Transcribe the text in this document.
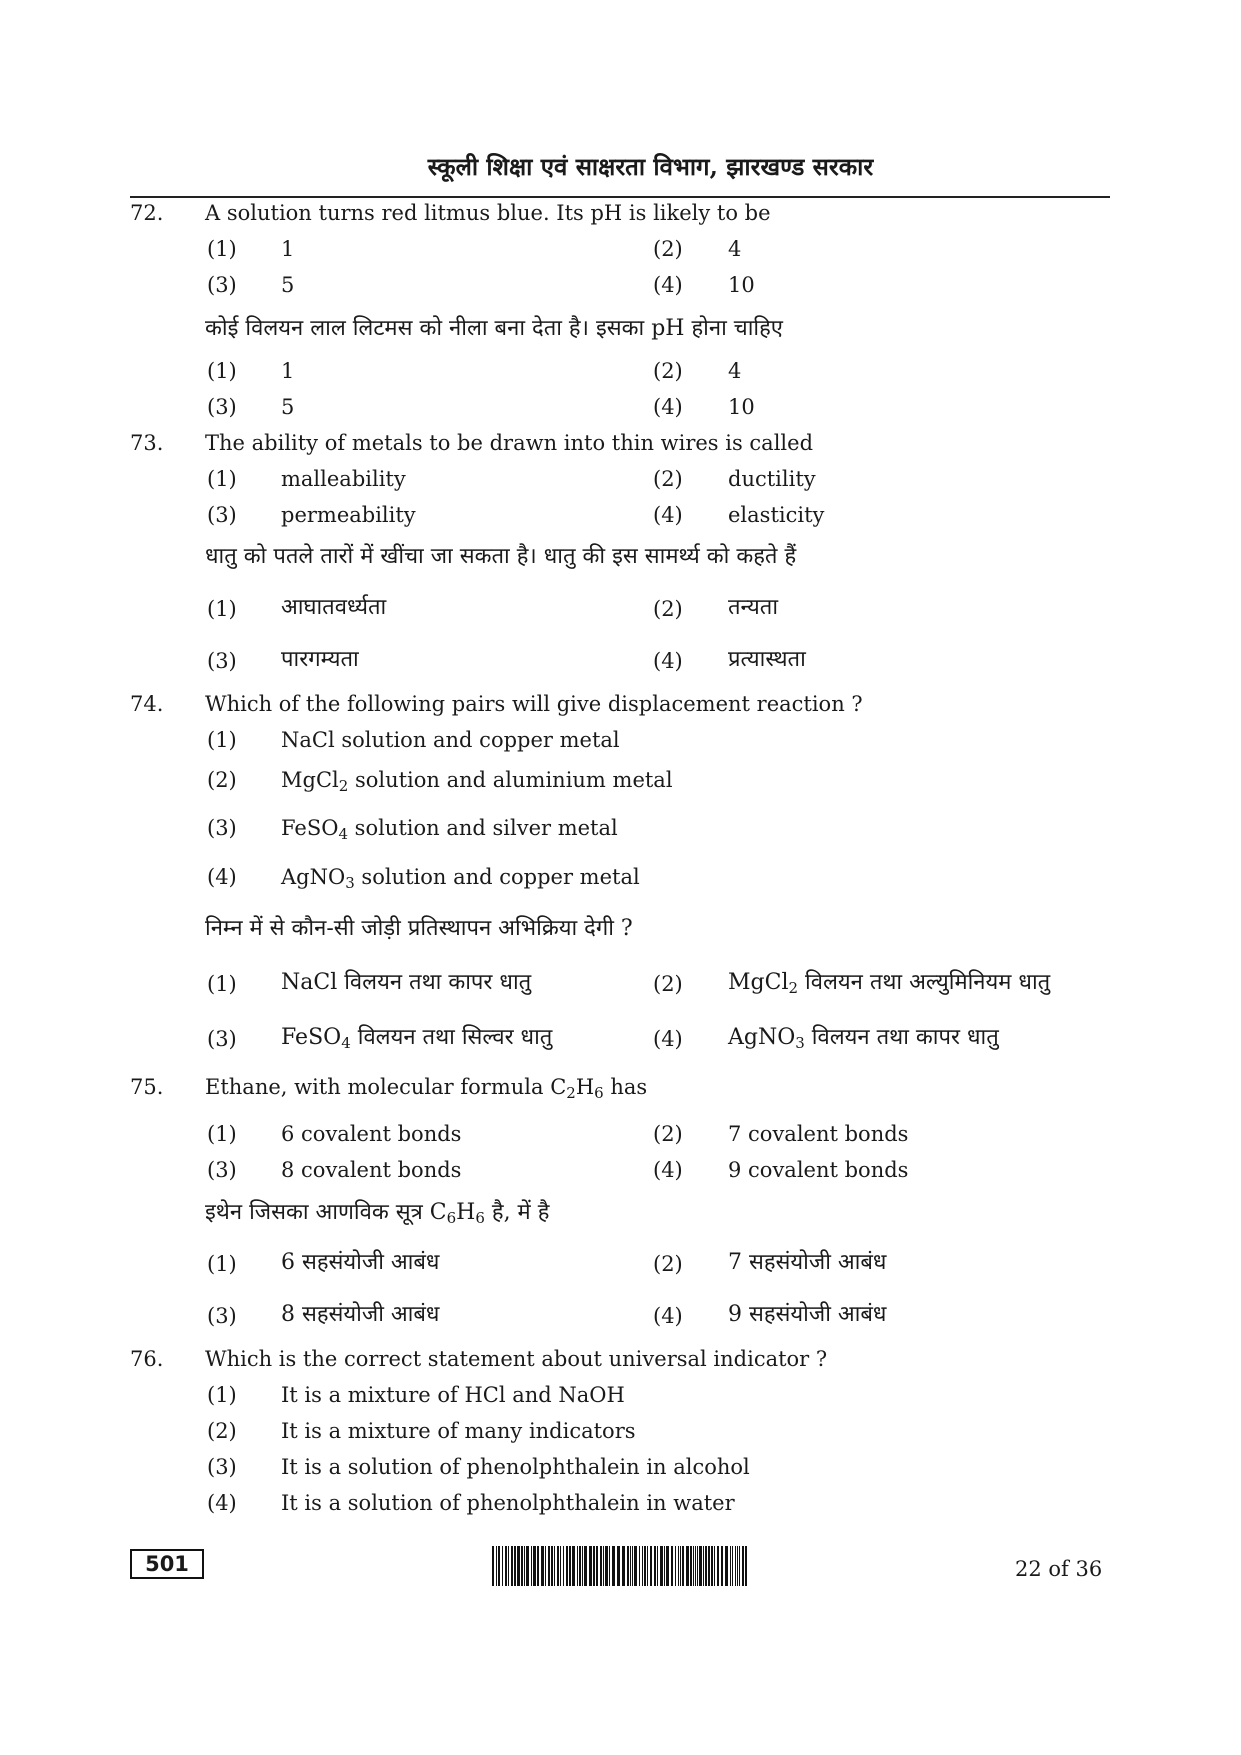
स्कूली शिक्षा एवं साक्षरता विभाग, झारखण्ड सरकार
72. A solution turns red litmus blue. Its pH is likely to be
(1) 1	(2) 4
(3) 5	(4) 10
कोई विलयन लाल लिटमस को नीला बना देता है। इसका pH होना चाहिए
(1) 1	(2) 4
(3) 5	(4) 10
73. The ability of metals to be drawn into thin wires is called
(1) malleability	(2) ductility
(3) permeability	(4) elasticity
धातु को पतले तारों में खींचा जा सकता है। धातु की इस सामर्थ्य को कहते हैं
(1) आघातवर्ध्यता	(2) तन्यता
(3) पारगम्यता	(4) प्रत्यास्थता
74. Which of the following pairs will give displacement reaction ?
(1) NaCl solution and copper metal
(2) MgCl$_2$ solution and aluminium metal
(3) FeSO$_4$ solution and silver metal
(4) AgNO$_3$ solution and copper metal
निम्न में से कौन-सी जोड़ी प्रतिस्थापन अभिक्रिया देगी ?
(1) NaCl विलयन तथा कापर धातु	(2) MgCl$_2$ विलयन तथा अल्युमिनियम धातु
(3) FeSO$_4$ विलयन तथा सिल्वर धातु	(4) AgNO$_3$ विलयन तथा कापर धातु
75. Ethane, with molecular formula $C_2H_6$ has
(1) 6 covalent bonds	(2) 7 covalent bonds
(3) 8 covalent bonds	(4) 9 covalent bonds
इथेन जिसका आणविक सूत्र $C_6H_6$ है, में है
(1) 6 सहसंयोजी आबंध	(2) 7 सहसंयोजी आबंध
(3) 8 सहसंयोजी आबंध	(4) 9 सहसंयोजी आबंध
76. Which is the correct statement about universal indicator ?
(1) It is a mixture of HCl and NaOH
(2) It is a mixture of many indicators
(3) It is a solution of phenolphthalein in alcohol
(4) It is a solution of phenolphthalein in water
501	22 of 36
